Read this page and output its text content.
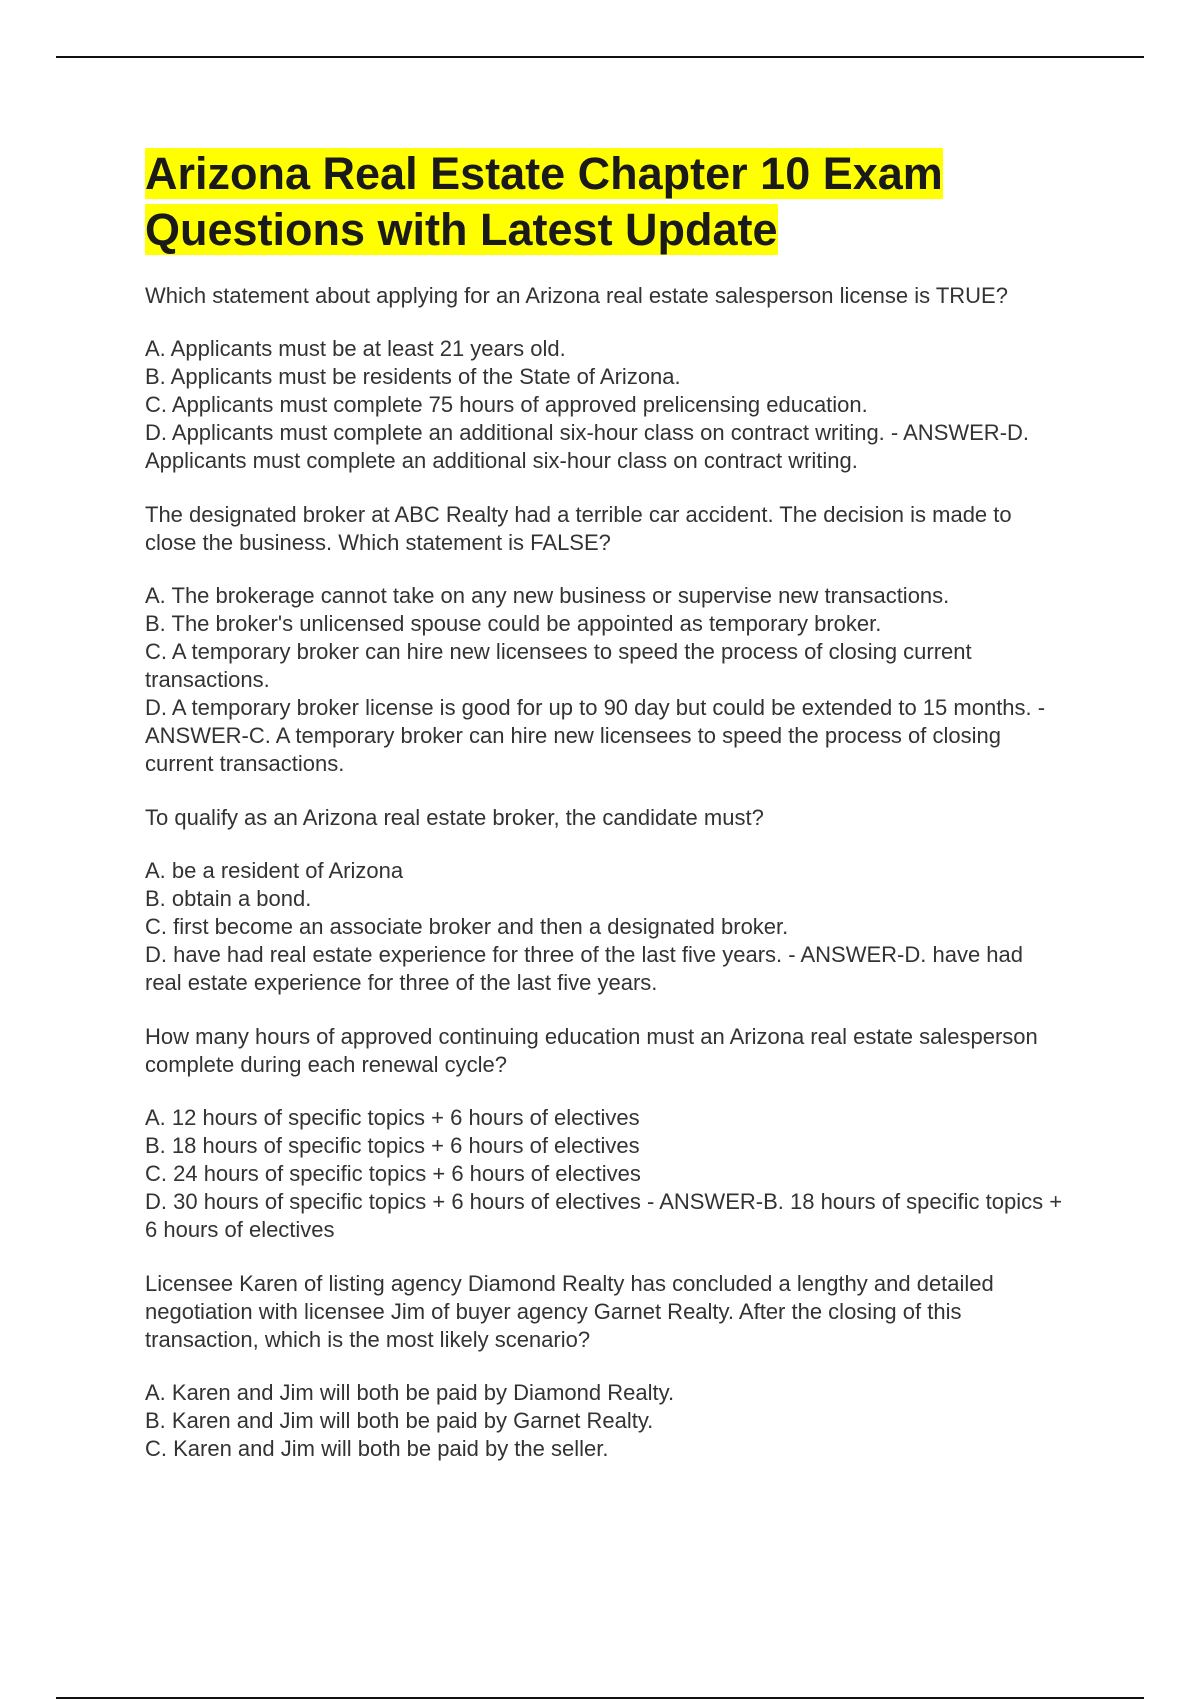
Arizona Real Estate Chapter 10 Exam Questions with Latest Update

Which statement about applying for an Arizona real estate salesperson license is TRUE?

A. Applicants must be at least 21 years old.

B. Applicants must be residents of the State of Arizona.

C. Applicants must complete 75 hours of approved prelicensing education.

D. Applicants must complete an additional six-hour class on contract writing. - ANSWER-D. Applicants must complete an additional six-hour class on contract writing.

The designated broker at ABC Realty had a terrible car accident. The decision is made to close the business. Which statement is FALSE?

A. The brokerage cannot take on any new business or supervise new transactions.

B. The broker's unlicensed spouse could be appointed as temporary broker.

C. A temporary broker can hire new licensees to speed the process of closing current transactions.

D. A temporary broker license is good for up to 90 day but could be extended to 15 months. - ANSWER-C. A temporary broker can hire new licensees to speed the process of closing current transactions.

To qualify as an Arizona real estate broker, the candidate must?

A. be a resident of Arizona

B. obtain a bond.

C. first become an associate broker and then a designated broker.

D. have had real estate experience for three of the last five years. - ANSWER-D. have had real estate experience for three of the last five years.

How many hours of approved continuing education must an Arizona real estate salesperson complete during each renewal cycle?

A. 12 hours of specific topics + 6 hours of electives

B. 18 hours of specific topics + 6 hours of electives

C. 24 hours of specific topics + 6 hours of electives

D. 30 hours of specific topics + 6 hours of electives - ANSWER-B. 18 hours of specific topics + 6 hours of electives

Licensee Karen of listing agency Diamond Realty has concluded a lengthy and detailed negotiation with licensee Jim of buyer agency Garnet Realty. After the closing of this transaction, which is the most likely scenario?

A. Karen and Jim will both be paid by Diamond Realty.

B. Karen and Jim will both be paid by Garnet Realty.

C. Karen and Jim will both be paid by the seller.
